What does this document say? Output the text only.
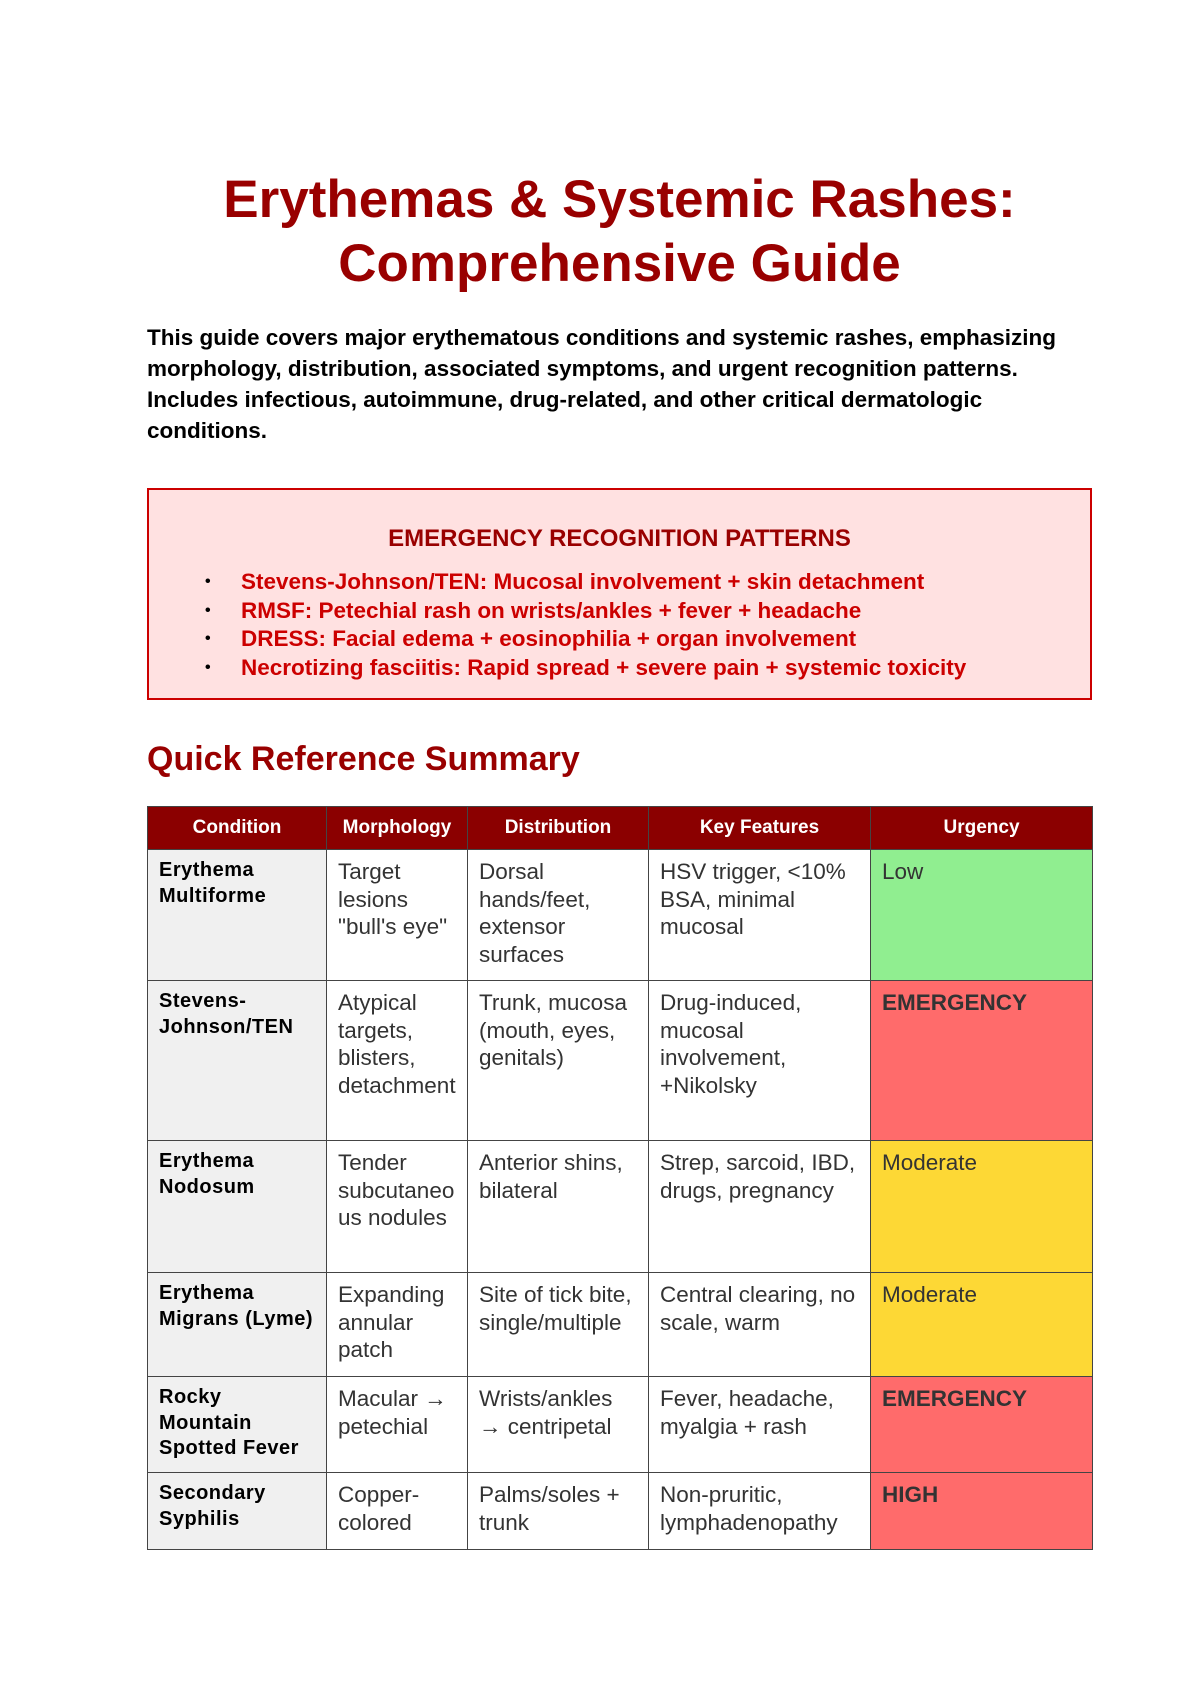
Erythemas & Systemic Rashes:
Comprehensive Guide

This guide covers major erythematous conditions and systemic rashes, emphasizing morphology, distribution, associated symptoms, and urgent recognition patterns. Includes infectious, autoimmune, drug-related, and other critical dermatologic conditions.

EMERGENCY RECOGNITION PATTERNS

• Stevens-Johnson/TEN: Mucosal involvement + skin detachment
• RMSF: Petechial rash on wrists/ankles + fever + headache
• DRESS: Facial edema + eosinophilia + organ involvement
• Necrotizing fasciitis: Rapid spread + severe pain + systemic toxicity
Quick Reference Summary
Condition	Morphology	Distribution	Key Features	Urgency
Erythema Multiforme	Target lesions "bull's eye"	Dorsal hands/feet, extensor surfaces	HSV trigger, <10% BSA, minimal mucosal	Low
Stevens-Johnson/TEN	Atypical targets, blisters, detachment	Trunk, mucosa (mouth, eyes, genitals)	Drug-induced, mucosal involvement, +Nikolsky	EMERGENCY
Erythema Nodosum	Tender subcutaneous nodules	Anterior shins, bilateral	Strep, sarcoid, IBD, drugs, pregnancy	Moderate
Erythema Migrans (Lyme)	Expanding annular patch	Site of tick bite, single/multiple	Central clearing, no scale, warm	Moderate
Rocky Mountain Spotted Fever	Macular → petechial	Wrists/ankles → centripetal	Fever, headache, myalgia + rash	EMERGENCY
Secondary Syphilis	Copper-colored	Palms/soles + trunk	Non-pruritic, lymphadenopathy	HIGH
